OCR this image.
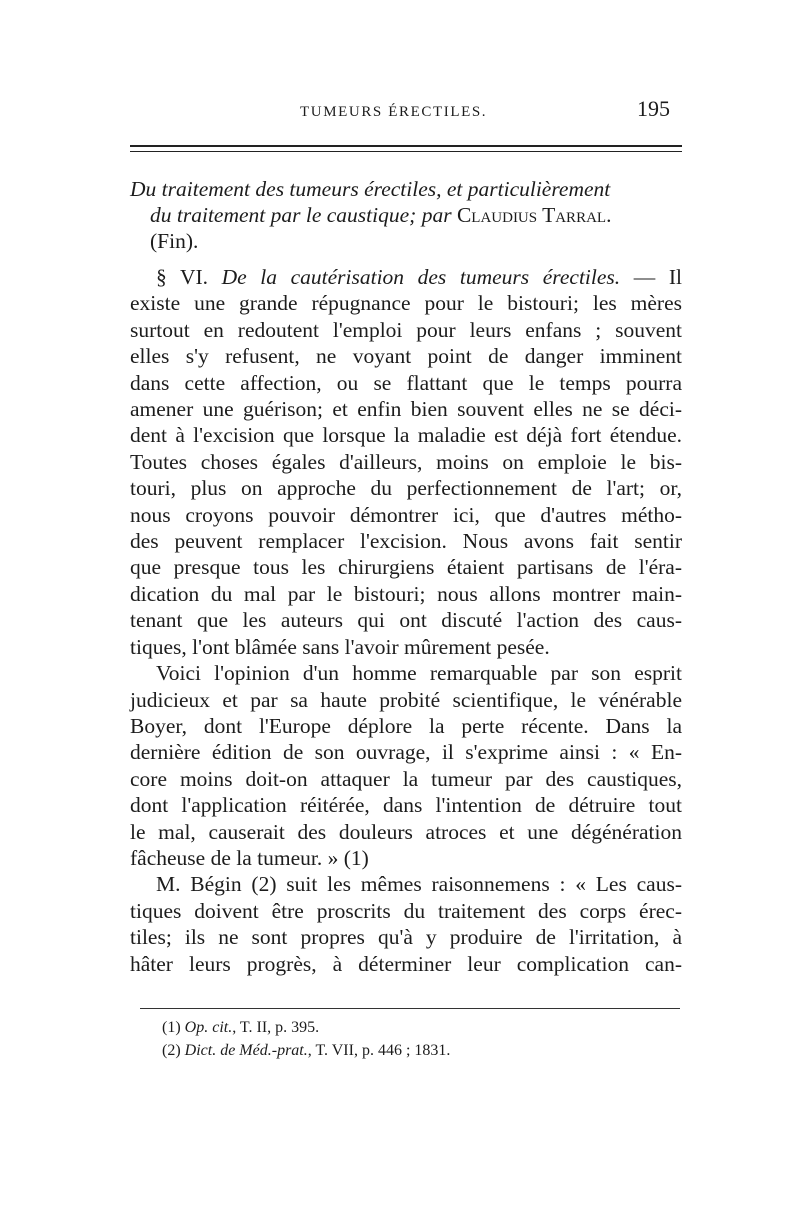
TUMEURS ÉRECTILES.	195
Du traitement des tumeurs érectiles, et particulièrement
du traitement par le caustique; par Claudius Tarral.
(Fin).
§ VI. De la cautérisation des tumeurs érectiles. — Il
existe une grande répugnance pour le bistouri; les mères
surtout en redoutent l'emploi pour leurs enfans ; souvent
elles s'y refusent, ne voyant point de danger imminent
dans cette affection, ou se flattant que le temps pourra
amener une guérison; et enfin bien souvent elles ne se déci-
dent à l'excision que lorsque la maladie est déjà fort étendue.
Toutes choses égales d'ailleurs, moins on emploie le bis-
touri, plus on approche du perfectionnement de l'art; or,
nous croyons pouvoir démontrer ici, que d'autres métho-
des peuvent remplacer l'excision. Nous avons fait sentir
que presque tous les chirurgiens étaient partisans de l'éra-
dication du mal par le bistouri; nous allons montrer main-
tenant que les auteurs qui ont discuté l'action des caus-
tiques, l'ont blâmée sans l'avoir mûrement pesée.
Voici l'opinion d'un homme remarquable par son esprit
judicieux et par sa haute probité scientifique, le vénérable
Boyer, dont l'Europe déplore la perte récente. Dans la
dernière édition de son ouvrage, il s'exprime ainsi : « En-
core moins doit-on attaquer la tumeur par des caustiques,
dont l'application réitérée, dans l'intention de détruire tout
le mal, causerait des douleurs atroces et une dégénération
fâcheuse de la tumeur. » (1)
M. Bégin (2) suit les mêmes raisonnemens : « Les caus-
tiques doivent être proscrits du traitement des corps érec-
tiles; ils ne sont propres qu'à y produire de l'irritation, à
hâter leurs progrès, à déterminer leur complication can-
(1) Op. cit., T. II, p. 395.
(2) Dict. de Méd.-prat., T. VII, p. 446 ; 1831.
